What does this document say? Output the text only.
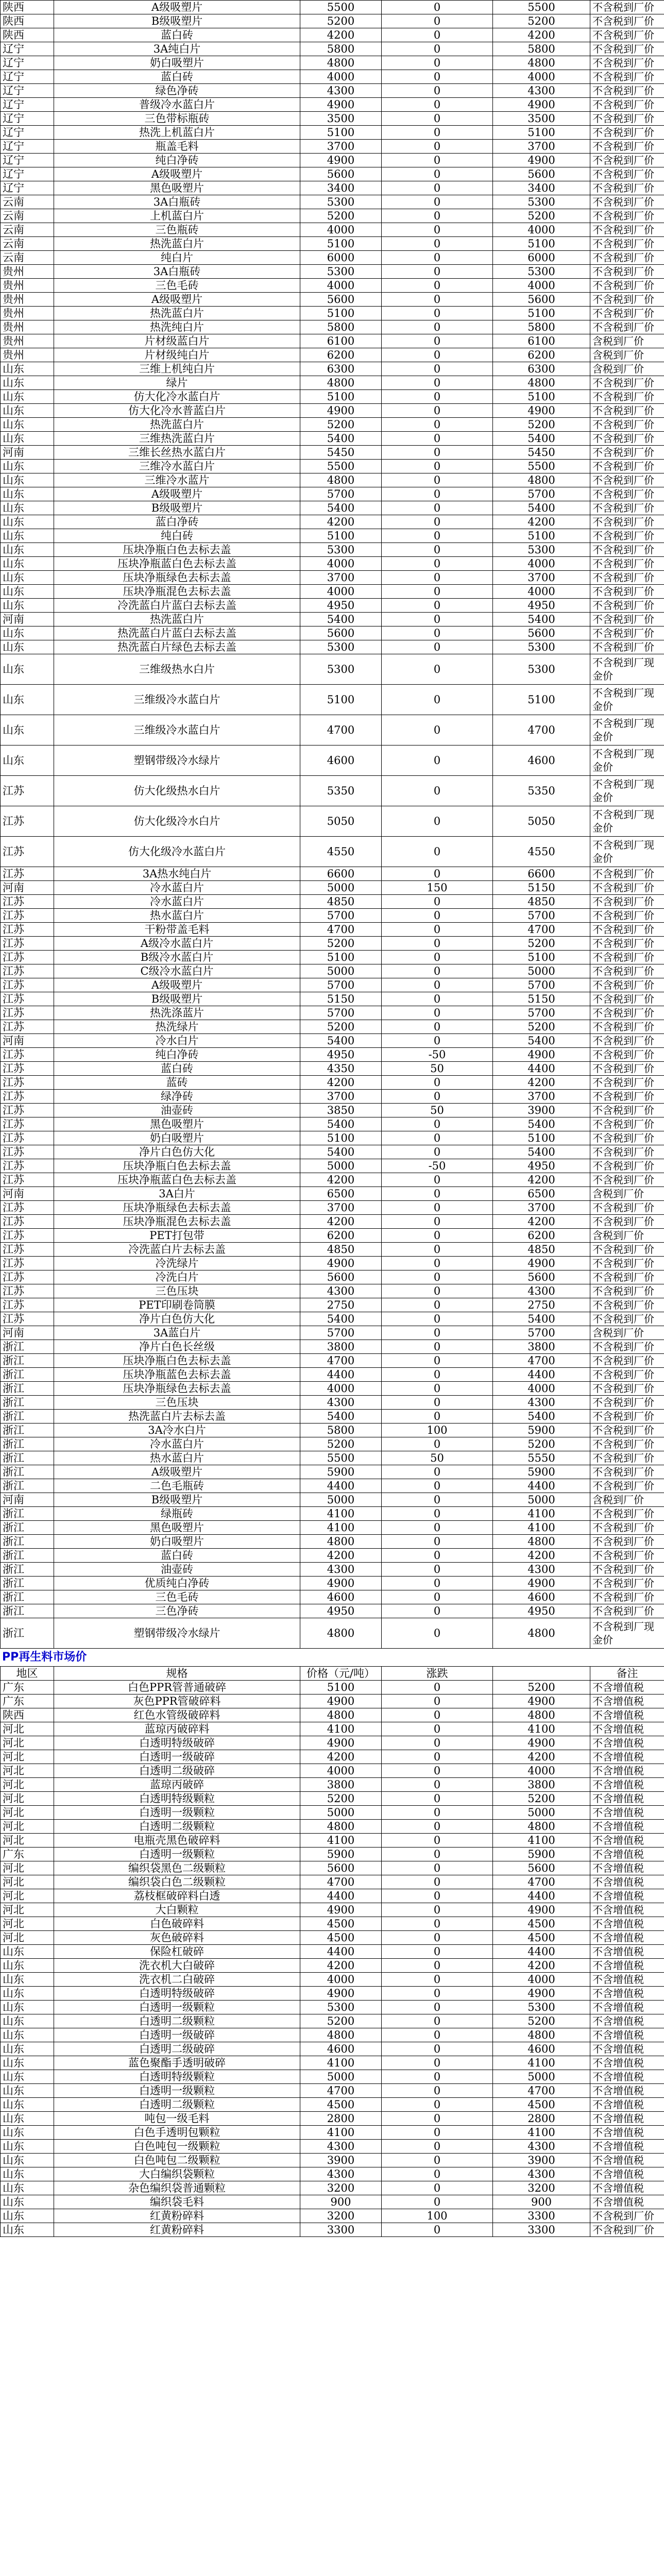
陕西	A级吸塑片	5500	0	5500	不含税到厂价
陕西	B级吸塑片	5200	0	5200	不含税到厂价
陕西	蓝白砖	4200	0	4200	不含税到厂价
辽宁	3A纯白片	5800	0	5800	不含税到厂价
辽宁	奶白吸塑片	4800	0	4800	不含税到厂价
辽宁	蓝白砖	4000	0	4000	不含税到厂价
辽宁	绿色净砖	4300	0	4300	不含税到厂价
辽宁	普级冷水蓝白片	4900	0	4900	不含税到厂价
辽宁	三色带标瓶砖	3500	0	3500	不含税到厂价
辽宁	热洗上机蓝白片	5100	0	5100	不含税到厂价
辽宁	瓶盖毛料	3700	0	3700	不含税到厂价
辽宁	纯白净砖	4900	0	4900	不含税到厂价
辽宁	A级吸塑片	5600	0	5600	不含税到厂价
辽宁	黑色吸塑片	3400	0	3400	不含税到厂价
云南	3A白瓶砖	5300	0	5300	不含税到厂价
云南	上机蓝白片	5200	0	5200	不含税到厂价
云南	三色瓶砖	4000	0	4000	不含税到厂价
云南	热洗蓝白片	5100	0	5100	不含税到厂价
云南	纯白片	6000	0	6000	不含税到厂价
贵州	3A白瓶砖	5300	0	5300	不含税到厂价
贵州	三色毛砖	4000	0	4000	不含税到厂价
贵州	A级吸塑片	5600	0	5600	不含税到厂价
贵州	热洗蓝白片	5100	0	5100	不含税到厂价
贵州	热洗纯白片	5800	0	5800	不含税到厂价
贵州	片材级蓝白片	6100	0	6100	含税到厂价
贵州	片材级纯白片	6200	0	6200	含税到厂价
山东	三维上机纯白片	6300	0	6300	含税到厂价
山东	绿片	4800	0	4800	不含税到厂价
山东	仿大化冷水蓝白片	5100	0	5100	不含税到厂价
山东	仿大化冷水普蓝白片	4900	0	4900	不含税到厂价
山东	热洗蓝白片	5200	0	5200	不含税到厂价
山东	三维热洗蓝白片	5400	0	5400	不含税到厂价
河南	三维长丝热水蓝白片	5450	0	5450	不含税到厂价
山东	三维冷水蓝白片	5500	0	5500	不含税到厂价
山东	三维冷水蓝片	4800	0	4800	不含税到厂价
山东	A级吸塑片	5700	0	5700	不含税到厂价
山东	B级吸塑片	5400	0	5400	不含税到厂价
山东	蓝白净砖	4200	0	4200	不含税到厂价
山东	纯白砖	5100	0	5100	不含税到厂价
山东	压块净瓶白色去标去盖	5300	0	5300	不含税到厂价
山东	压块净瓶蓝白色去标去盖	4000	0	4000	不含税到厂价
山东	压块净瓶绿色去标去盖	3700	0	3700	不含税到厂价
山东	压块净瓶混色去标去盖	4000	0	4000	不含税到厂价
山东	冷洗蓝白片蓝白去标去盖	4950	0	4950	不含税到厂价
河南	热洗蓝白片	5400	0	5400	不含税到厂价
山东	热洗蓝白片蓝白去标去盖	5600	0	5600	不含税到厂价
山东	热洗蓝白片绿色去标去盖	5300	0	5300	不含税到厂价
山东	三维级热水白片	5300	0	5300	不含税到厂现金价
山东	三维级冷水蓝白片	5100	0	5100	不含税到厂现金价
山东	三维级冷水蓝白片	4700	0	4700	不含税到厂现金价
山东	塑钢带级冷水绿片	4600	0	4600	不含税到厂现金价
江苏	仿大化级热水白片	5350	0	5350	不含税到厂现金价
江苏	仿大化级冷水白片	5050	0	5050	不含税到厂现金价
江苏	仿大化级冷水蓝白片	4550	0	4550	不含税到厂现金价
江苏	3A热水纯白片	6600	0	6600	不含税到厂价
河南	冷水蓝白片	5000	150	5150	不含税到厂价
江苏	冷水蓝白片	4850	0	4850	不含税到厂价
江苏	热水蓝白片	5700	0	5700	不含税到厂价
江苏	干粉带盖毛料	4700	0	4700	不含税到厂价
江苏	A级冷水蓝白片	5200	0	5200	不含税到厂价
江苏	B级冷水蓝白片	5100	0	5100	不含税到厂价
江苏	C级冷水蓝白片	5000	0	5000	不含税到厂价
江苏	A级吸塑片	5700	0	5700	不含税到厂价
江苏	B级吸塑片	5150	0	5150	不含税到厂价
江苏	热洗涤蓝片	5700	0	5700	不含税到厂价
江苏	热洗绿片	5200	0	5200	不含税到厂价
河南	冷水白片	5400	0	5400	不含税到厂价
江苏	纯白净砖	4950	-50	4900	不含税到厂价
江苏	蓝白砖	4350	50	4400	不含税到厂价
江苏	蓝砖	4200	0	4200	不含税到厂价
江苏	绿净砖	3700	0	3700	不含税到厂价
江苏	油壶砖	3850	50	3900	不含税到厂价
江苏	黑色吸塑片	5400	0	5400	不含税到厂价
江苏	奶白吸塑片	5100	0	5100	不含税到厂价
江苏	净片白色仿大化	5400	0	5400	不含税到厂价
江苏	压块净瓶白色去标去盖	5000	-50	4950	不含税到厂价
江苏	压块净瓶蓝白色去标去盖	4200	0	4200	不含税到厂价
河南	3A白片	6500	0	6500	含税到厂价
江苏	压块净瓶绿色去标去盖	3700	0	3700	不含税到厂价
江苏	压块净瓶混色去标去盖	4200	0	4200	不含税到厂价
江苏	PET打包带	6200	0	6200	含税到厂价
江苏	冷洗蓝白片去标去盖	4850	0	4850	不含税到厂价
江苏	冷洗绿片	4900	0	4900	不含税到厂价
江苏	冷洗白片	5600	0	5600	不含税到厂价
江苏	三色压块	4300	0	4300	不含税到厂价
江苏	PET印刷卷筒膜	2750	0	2750	不含税到厂价
江苏	净片白色仿大化	5400	0	5400	不含税到厂价
河南	3A蓝白片	5700	0	5700	含税到厂价
浙江	净片白色长丝级	3800	0	3800	不含税到厂价
浙江	压块净瓶白色去标去盖	4700	0	4700	不含税到厂价
浙江	压块净瓶蓝色去标去盖	4400	0	4400	不含税到厂价
浙江	压块净瓶绿色去标去盖	4000	0	4000	不含税到厂价
浙江	三色压块	4300	0	4300	不含税到厂价
浙江	热洗蓝白片去标去盖	5400	0	5400	不含税到厂价
浙江	3A冷水白片	5800	100	5900	不含税到厂价
浙江	冷水蓝白片	5200	0	5200	不含税到厂价
浙江	热水蓝白片	5500	50	5550	不含税到厂价
浙江	A级吸塑片	5900	0	5900	不含税到厂价
浙江	二色毛瓶砖	4400	0	4400	不含税到厂价
河南	B级吸塑片	5000	0	5000	含税到厂价
浙江	绿瓶砖	4100	0	4100	不含税到厂价
浙江	黑色吸塑片	4100	0	4100	不含税到厂价
浙江	奶白吸塑片	4800	0	4800	不含税到厂价
浙江	蓝白砖	4200	0	4200	不含税到厂价
浙江	油壶砖	4300	0	4300	不含税到厂价
浙江	优质纯白净砖	4900	0	4900	不含税到厂价
浙江	三色毛砖	4600	0	4600	不含税到厂价
浙江	三色净砖	4950	0	4950	不含税到厂价
浙江	塑钢带级冷水绿片	4800	0	4800	不含税到厂现金价
PP再生料市场价
地区	规格	价格（元/吨）	涨跌		备注
广东	白色PPR管普通破碎	5100	0	5200	不含增值税
广东	灰色PPR管破碎料	4900	0	4900	不含增值税
陕西	红色水管级破碎料	4800	0	4800	不含增值税
河北	蓝琼丙破碎料	4100	0	4100	不含增值税
河北	白透明特级破碎	4900	0	4900	不含增值税
河北	白透明一级破碎	4200	0	4200	不含增值税
河北	白透明二级破碎	4000	0	4000	不含增值税
河北	蓝琼丙破碎	3800	0	3800	不含增值税
河北	白透明特级颗粒	5200	0	5200	不含增值税
河北	白透明一级颗粒	5000	0	5000	不含增值税
河北	白透明二级颗粒	4800	0	4800	不含增值税
河北	电瓶壳黑色破碎料	4100	0	4100	不含增值税
广东	白透明一级颗粒	5900	0	5900	不含增值税
河北	编织袋黑色二级颗粒	5600	0	5600	不含增值税
河北	编织袋白色二级颗粒	4700	0	4700	不含增值税
河北	荔枝框破碎料白透	4400	0	4400	不含增值税
河北	大白颗粒	4900	0	4900	不含增值税
河北	白色破碎料	4500	0	4500	不含增值税
河北	灰色破碎料	4500	0	4500	不含增值税
山东	保险杠破碎	4400	0	4400	不含增值税
山东	洗衣机大白破碎	4200	0	4200	不含增值税
山东	洗衣机二白破碎	4000	0	4000	不含增值税
山东	白透明特级破碎	4900	0	4900	不含增值税
山东	白透明一级颗粒	5300	0	5300	不含增值税
山东	白透明二级颗粒	5200	0	5200	不含增值税
山东	白透明一级破碎	4800	0	4800	不含增值税
山东	白透明二级破碎	4600	0	4600	不含增值税
山东	蓝色聚酯手透明破碎	4100	0	4100	不含增值税
山东	白透明特级颗粒	5000	0	5000	不含增值税
山东	白透明一级颗粒	4700	0	4700	不含增值税
山东	白透明二级颗粒	4500	0	4500	不含增值税
山东	吨包一级毛料	2800	0	2800	不含增值税
山东	白色手透明包颗粒	4100	0	4100	不含增值税
山东	白色吨包一级颗粒	4300	0	4300	不含增值税
山东	白色吨包二级颗粒	3900	0	3900	不含增值税
山东	大白编织袋颗粒	4300	0	4300	不含增值税
山东	杂色编织袋普通颗粒	3200	0	3200	不含增值税
山东	编织袋毛料	900	0	900	不含增值税
山东	红黄粉碎料	3200	100	3300	不含税到厂价
山东	红黄粉碎料	3300	0	3300	不含税到厂价
